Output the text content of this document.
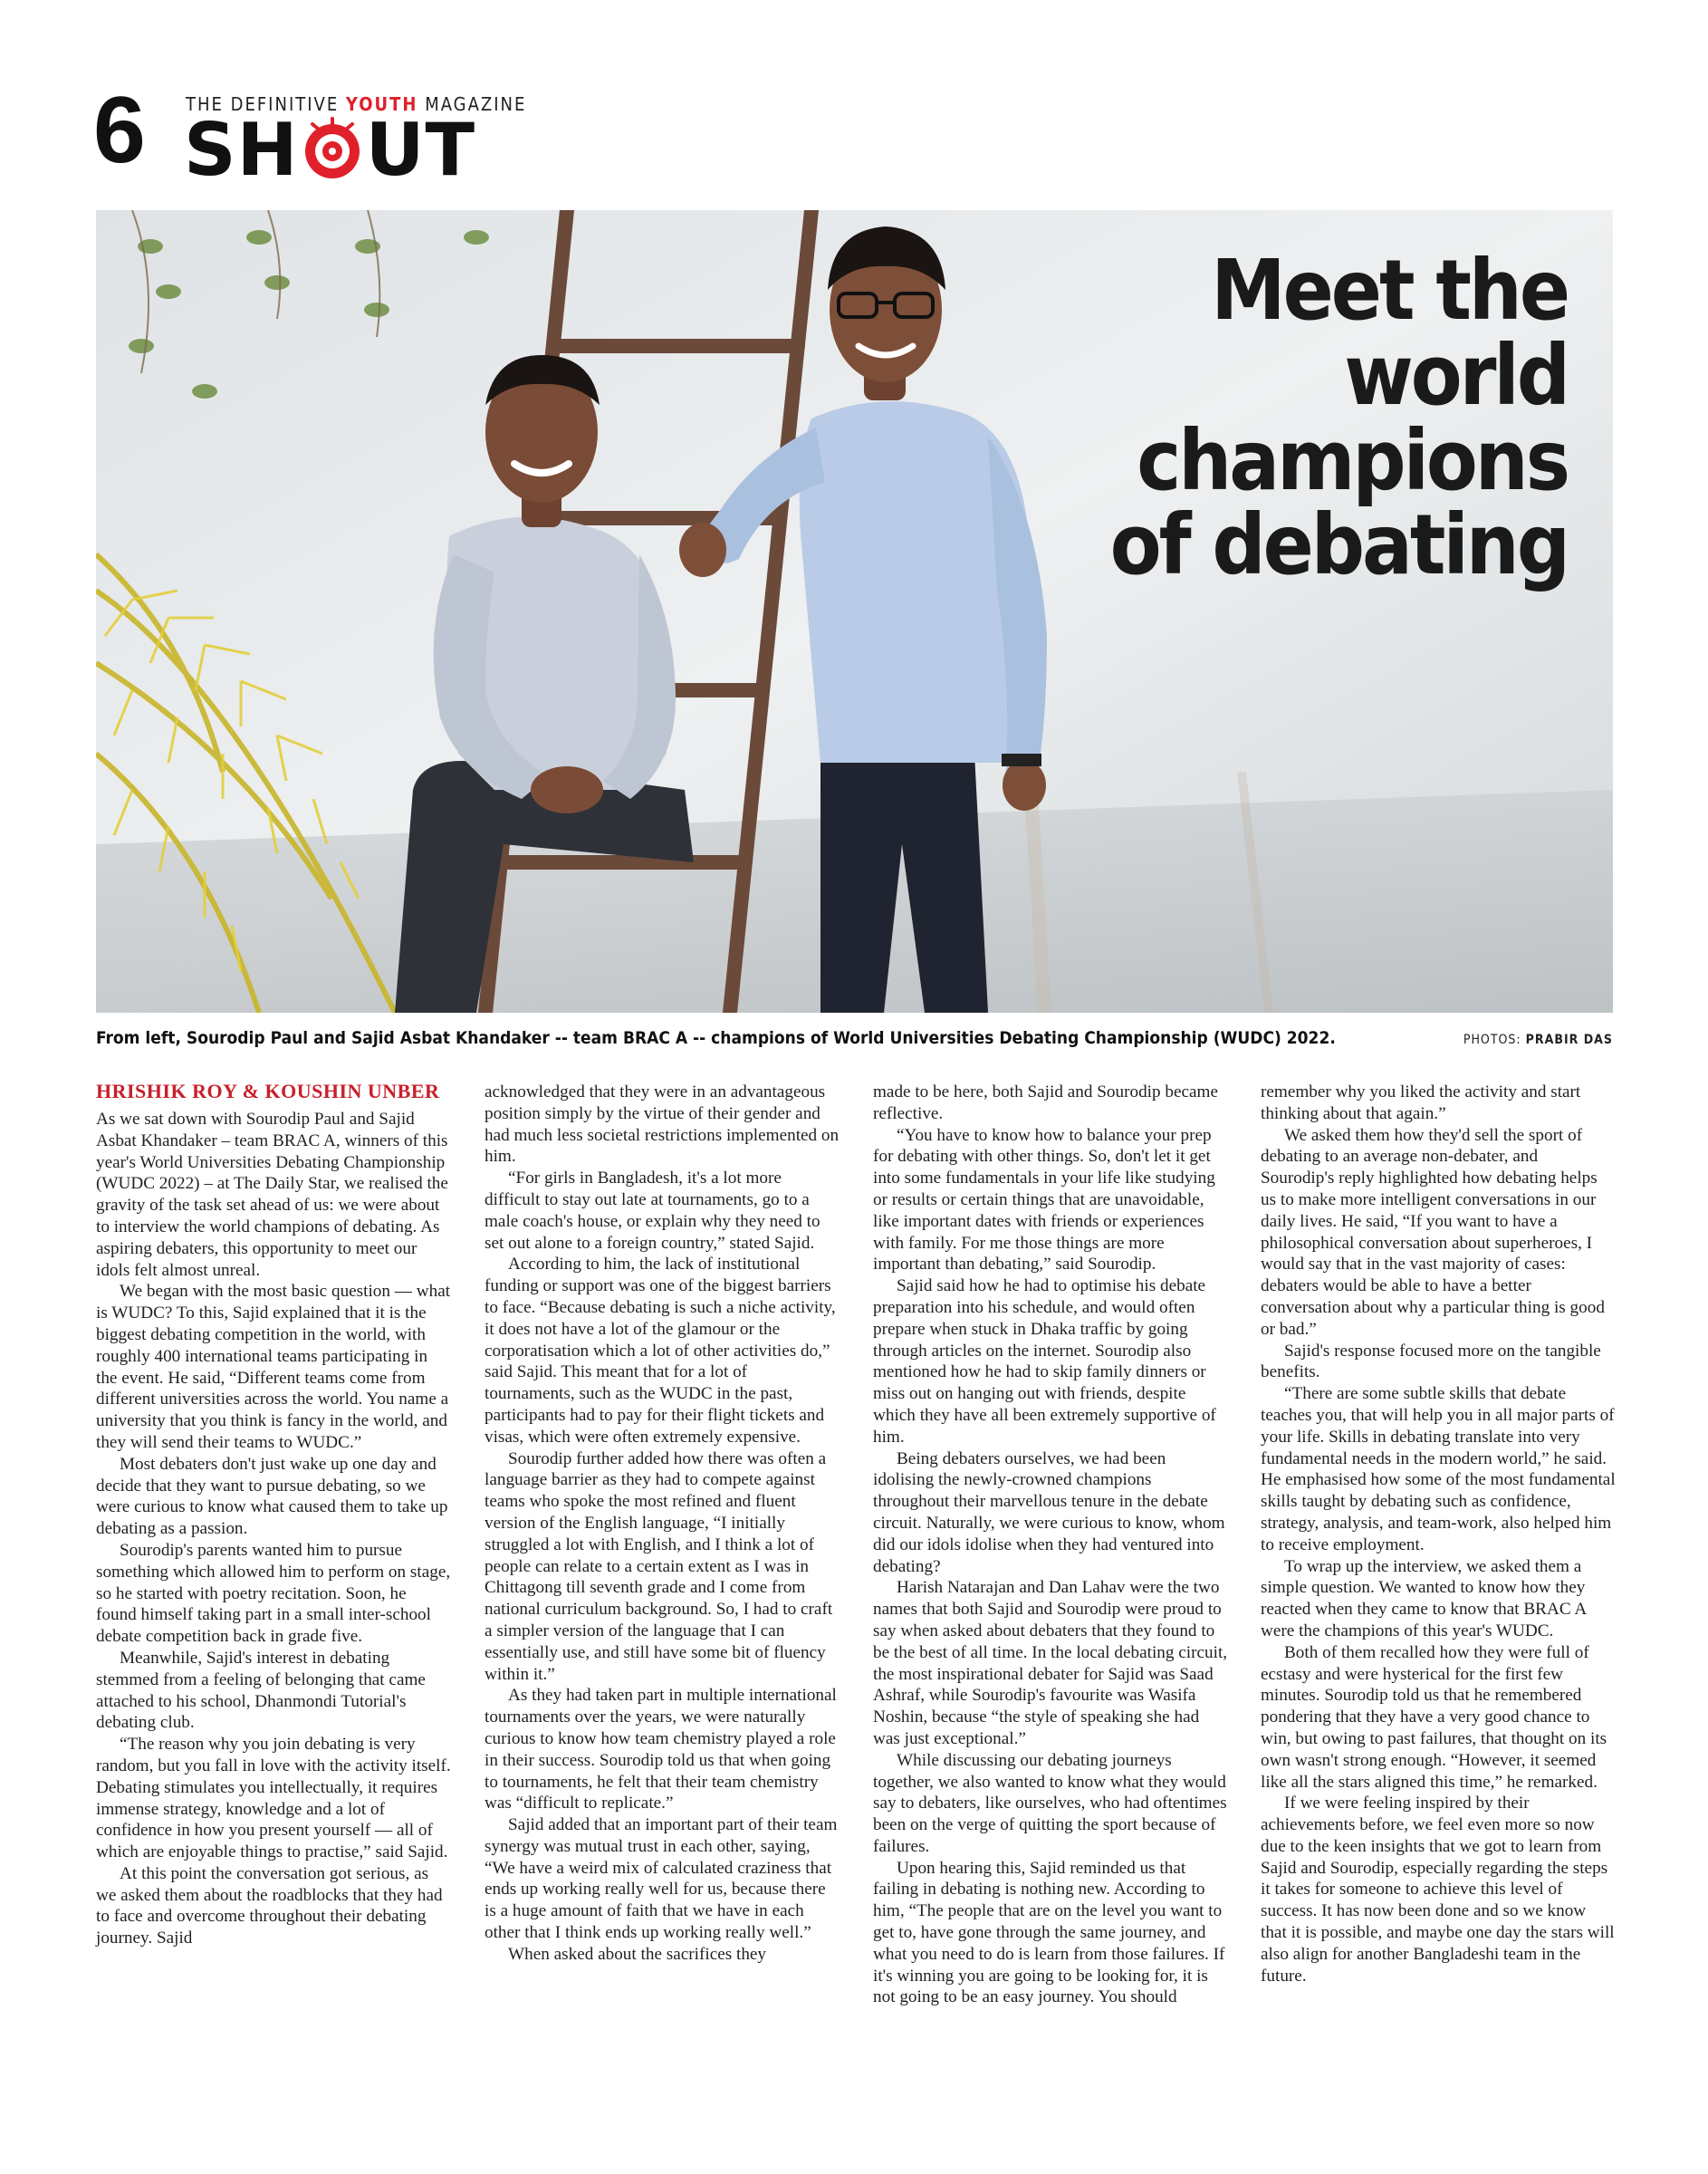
6 THE DEFINITIVE YOUTH MAGAZINE
SH UT
Meet the
world
champions
of debating
From left, Sourodip Paul and Sajid Asbat Khandaker -- team BRAC A -- champions of World Universities Debating Championship (WUDC) 2022.	PHOTOS: PRABIR DAS
HRISHIK ROY & KOUSHIN UNBER

As we sat down with Sourodip Paul and Sajid Asbat Khandaker – team BRAC A, winners of this year's World Universities Debating Championship (WUDC 2022) – at The Daily Star, we realised the gravity of the task set ahead of us: we were about to interview the world champions of debating. As aspiring debaters, this opportunity to meet our idols felt almost unreal.

We began with the most basic question — what is WUDC? To this, Sajid explained that it is the biggest debating competition in the world, with roughly 400 international teams participating in the event. He said, “Different teams come from different universities across the world. You name a university that you think is fancy in the world, and they will send their teams to WUDC.”

Most debaters don't just wake up one day and decide that they want to pursue debating, so we were curious to know what caused them to take up debating as a passion.

Sourodip's parents wanted him to pursue something which allowed him to perform on stage, so he started with poetry recitation. Soon, he found himself taking part in a small inter-school debate competition back in grade five.

Meanwhile, Sajid's interest in debating stemmed from a feeling of belonging that came attached to his school, Dhanmondi Tutorial's debating club.

“The reason why you join debating is very random, but you fall in love with the activity itself. Debating stimulates you intellectually, it requires immense strategy, knowledge and a lot of confidence in how you present yourself — all of which are enjoyable things to practise,” said Sajid.

At this point the conversation got serious, as we asked them about the roadblocks that they had to face and overcome throughout their debating journey. Sajid

acknowledged that they were in an advantageous position simply by the virtue of their gender and had much less societal restrictions implemented on him.

“For girls in Bangladesh, it's a lot more difficult to stay out late at tournaments, go to a male coach's house, or explain why they need to set out alone to a foreign country,” stated Sajid.

According to him, the lack of institutional funding or support was one of the biggest barriers to face. “Because debating is such a niche activity, it does not have a lot of the glamour or the corporatisation which a lot of other activities do,” said Sajid. This meant that for a lot of tournaments, such as the WUDC in the past, participants had to pay for their flight tickets and visas, which were often extremely expensive.

Sourodip further added how there was often a language barrier as they had to compete against teams who spoke the most refined and fluent version of the English language, “I initially struggled a lot with English, and I think a lot of people can relate to a certain extent as I was in Chittagong till seventh grade and I come from national curriculum background. So, I had to craft a simpler version of the language that I can essentially use, and still have some bit of fluency within it.”

As they had taken part in multiple international tournaments over the years, we were naturally curious to know how team chemistry played a role in their success. Sourodip told us that when going to tournaments, he felt that their team chemistry was “difficult to replicate.”

Sajid added that an important part of their team synergy was mutual trust in each other, saying, “We have a weird mix of calculated craziness that ends up working really well for us, because there is a huge amount of faith that we have in each other that I think ends up working really well.”

When asked about the sacrifices they

made to be here, both Sajid and Sourodip became reflective.

“You have to know how to balance your prep for debating with other things. So, don't let it get into some fundamentals in your life like studying or results or certain things that are unavoidable, like important dates with friends or experiences with family. For me those things are more important than debating,” said Sourodip.

Sajid said how he had to optimise his debate preparation into his schedule, and would often prepare when stuck in Dhaka traffic by going through articles on the internet. Sourodip also mentioned how he had to skip family dinners or miss out on hanging out with friends, despite which they have all been extremely supportive of him.

Being debaters ourselves, we had been idolising the newly-crowned champions throughout their marvellous tenure in the debate circuit. Naturally, we were curious to know, whom did our idols idolise when they had ventured into debating?

Harish Natarajan and Dan Lahav were the two names that both Sajid and Sourodip were proud to say when asked about debaters that they found to be the best of all time. In the local debating circuit, the most inspirational debater for Sajid was Saad Ashraf, while Sourodip's favourite was Wasifa Noshin, because “the style of speaking she had was just exceptional.”

While discussing our debating journeys together, we also wanted to know what they would say to debaters, like ourselves, who had oftentimes been on the verge of quitting the sport because of failures.

Upon hearing this, Sajid reminded us that failing in debating is nothing new. According to him, “The people that are on the level you want to get to, have gone through the same journey, and what you need to do is learn from those failures. If it's winning you are going to be looking for, it is not going to be an easy journey. You should

remember why you liked the activity and start thinking about that again.”

We asked them how they'd sell the sport of debating to an average non-debater, and Sourodip's reply highlighted how debating helps us to make more intelligent conversations in our daily lives. He said, “If you want to have a philosophical conversation about superheroes, I would say that in the vast majority of cases: debaters would be able to have a better conversation about why a particular thing is good or bad.”

Sajid's response focused more on the tangible benefits.

“There are some subtle skills that debate teaches you, that will help you in all major parts of your life. Skills in debating translate into very fundamental needs in the modern world,” he said. He emphasised how some of the most fundamental skills taught by debating such as confidence, strategy, analysis, and team-work, also helped him to receive employment.

To wrap up the interview, we asked them a simple question. We wanted to know how they reacted when they came to know that BRAC A were the champions of this year's WUDC.

Both of them recalled how they were full of ecstasy and were hysterical for the first few minutes. Sourodip told us that he remembered pondering that they have a very good chance to win, but owing to past failures, that thought on its own wasn't strong enough. “However, it seemed like all the stars aligned this time,” he remarked.

If we were feeling inspired by their achievements before, we feel even more so now due to the keen insights that we got to learn from Sajid and Sourodip, especially regarding the steps it takes for someone to achieve this level of success. It has now been done and so we know that it is possible, and maybe one day the stars will also align for another Bangladeshi team in the future.
